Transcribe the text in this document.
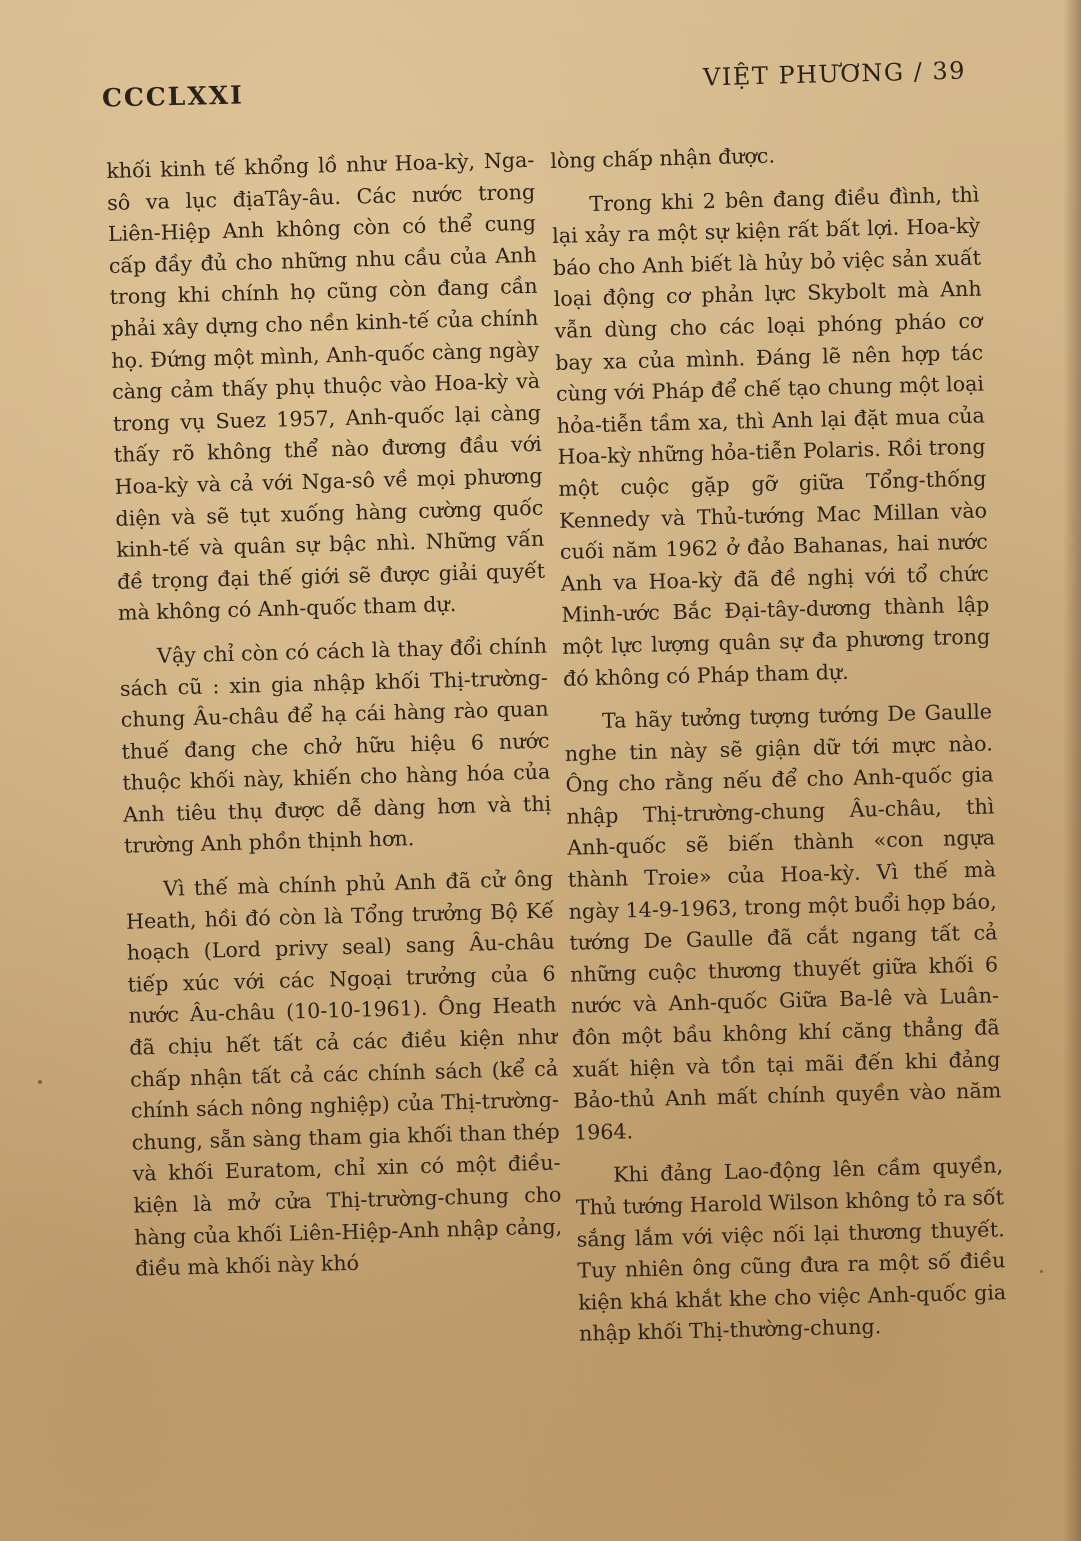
CCCLXXI
VIỆT PHƯƠNG / 39

khối kinh tế khổng lồ như Hoa-kỳ, Nga-sô va lục địaTây-âu. Các nước trong Liên-Hiệp Anh không còn có thể cung cấp đầy đủ cho những nhu cầu của Anh trong khi chính họ cũng còn đang cần phải xây dựng cho nền kinh-tế của chính họ. Đứng một mình, Anh-quốc càng ngày càng cảm thấy phụ thuộc vào Hoa-kỳ và trong vụ Suez 1957, Anh-quốc lại càng thấy rõ không thể nào đương đầu với Hoa-kỳ và cả với Nga-sô về mọi phương diện và sẽ tụt xuống hàng cường quốc kinh-tế và quân sự bậc nhì. Những vấn đề trọng đại thế giới sẽ được giải quyết mà không có Anh-quốc tham dự.

Vậy chỉ còn có cách là thay đổi chính sách cũ : xin gia nhập khối Thị-trường-chung Âu-châu để hạ cái hàng rào quan thuế đang che chở hữu hiệu 6 nước thuộc khối này, khiến cho hàng hóa của Anh tiêu thụ được dễ dàng hơn và thị trường Anh phồn thịnh hơn.

Vì thế mà chính phủ Anh đã cử ông Heath, hồi đó còn là Tổng trưởng Bộ Kế hoạch (Lord privy seal) sang Âu-châu tiếp xúc với các Ngoại trưởng của 6 nước Âu-châu (10-10-1961). Ông Heath đã chịu hết tất cả các điều kiện như chấp nhận tất cả các chính sách (kể cả chính sách nông nghiệp) của Thị-trường-chung, sẵn sàng tham gia khối than thép và khối Euratom, chỉ xin có một điều-kiện là mở cửa Thị-trường-chung cho hàng của khối Liên-Hiệp-Anh nhập cảng, điều mà khối này khó

lòng chấp nhận được.

Trong khi 2 bên đang điều đình, thì lại xảy ra một sự kiện rất bất lợi. Hoa-kỳ báo cho Anh biết là hủy bỏ việc sản xuất loại động cơ phản lực Skybolt mà Anh vẫn dùng cho các loại phóng pháo cơ bay xa của mình. Đáng lẽ nên hợp tác cùng với Pháp để chế tạo chung một loại hỏa-tiễn tầm xa, thì Anh lại đặt mua của Hoa-kỳ những hỏa-tiễn Polaris. Rồi trong một cuộc gặp gỡ giữa Tổng-thống Kennedy và Thủ-tướng Mac Millan vào cuối năm 1962 ở đảo Bahanas, hai nước Anh va Hoa-kỳ đã đề nghị với tổ chức Minh-ước Bắc Đại-tây-dương thành lập một lực lượng quân sự đa phương trong đó không có Pháp tham dự.

Ta hãy tưởng tượng tướng De Gaulle nghe tin này sẽ giận dữ tới mực nào. Ông cho rằng nếu để cho Anh-quốc gia nhập Thị-trường-chung Âu-châu, thì Anh-quốc sẽ biến thành «con ngựa thành Troie» của Hoa-kỳ. Vì thế mà ngày 14-9-1963, trong một buổi họp báo, tướng De Gaulle đã cắt ngang tất cả những cuộc thương thuyết giữa khối 6 nước và Anh-quốc Giữa Ba-lê và Luân-đôn một bầu không khí căng thẳng đã xuất hiện và tồn tại mãi đến khi đảng Bảo-thủ Anh mất chính quyền vào năm 1964.

Khi đảng Lao-động lên cầm quyền, Thủ tướng Harold Wilson không tỏ ra sốt sắng lắm với việc nối lại thương thuyết. Tuy nhiên ông cũng đưa ra một số điều kiện khá khắt khe cho việc Anh-quốc gia nhập khối Thị-thường-chung.
